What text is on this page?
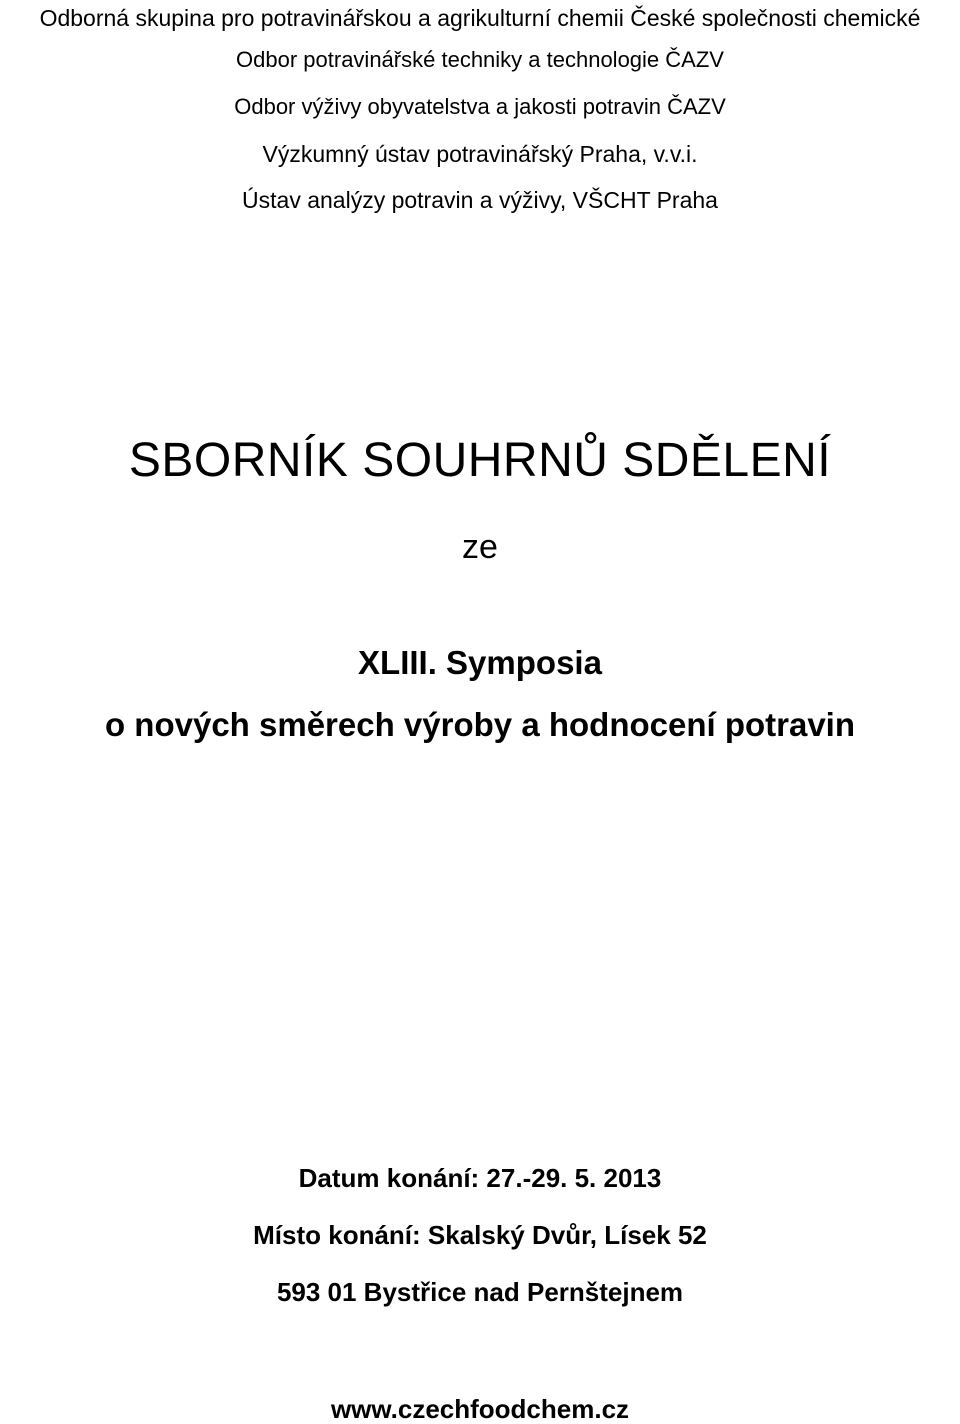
Odborná skupina pro potravinářskou a agrikulturní chemii České společnosti chemické
Odbor potravinářské techniky a technologie ČAZV
Odbor výživy obyvatelstva a jakosti potravin ČAZV
Výzkumný ústav potravinářský Praha, v.v.i.
Ústav analýzy potravin a výživy, VŠCHT Praha
SBORNÍK SOUHRNŮ SDĚLENÍ
ze
XLIII. Symposia
o nových směrech výroby a hodnocení potravin
Datum konání: 27.-29. 5. 2013
Místo konání: Skalský Dvůr, Lísek 52
593 01 Bystřice nad Pernštejnem
www.czechfoodchem.cz
